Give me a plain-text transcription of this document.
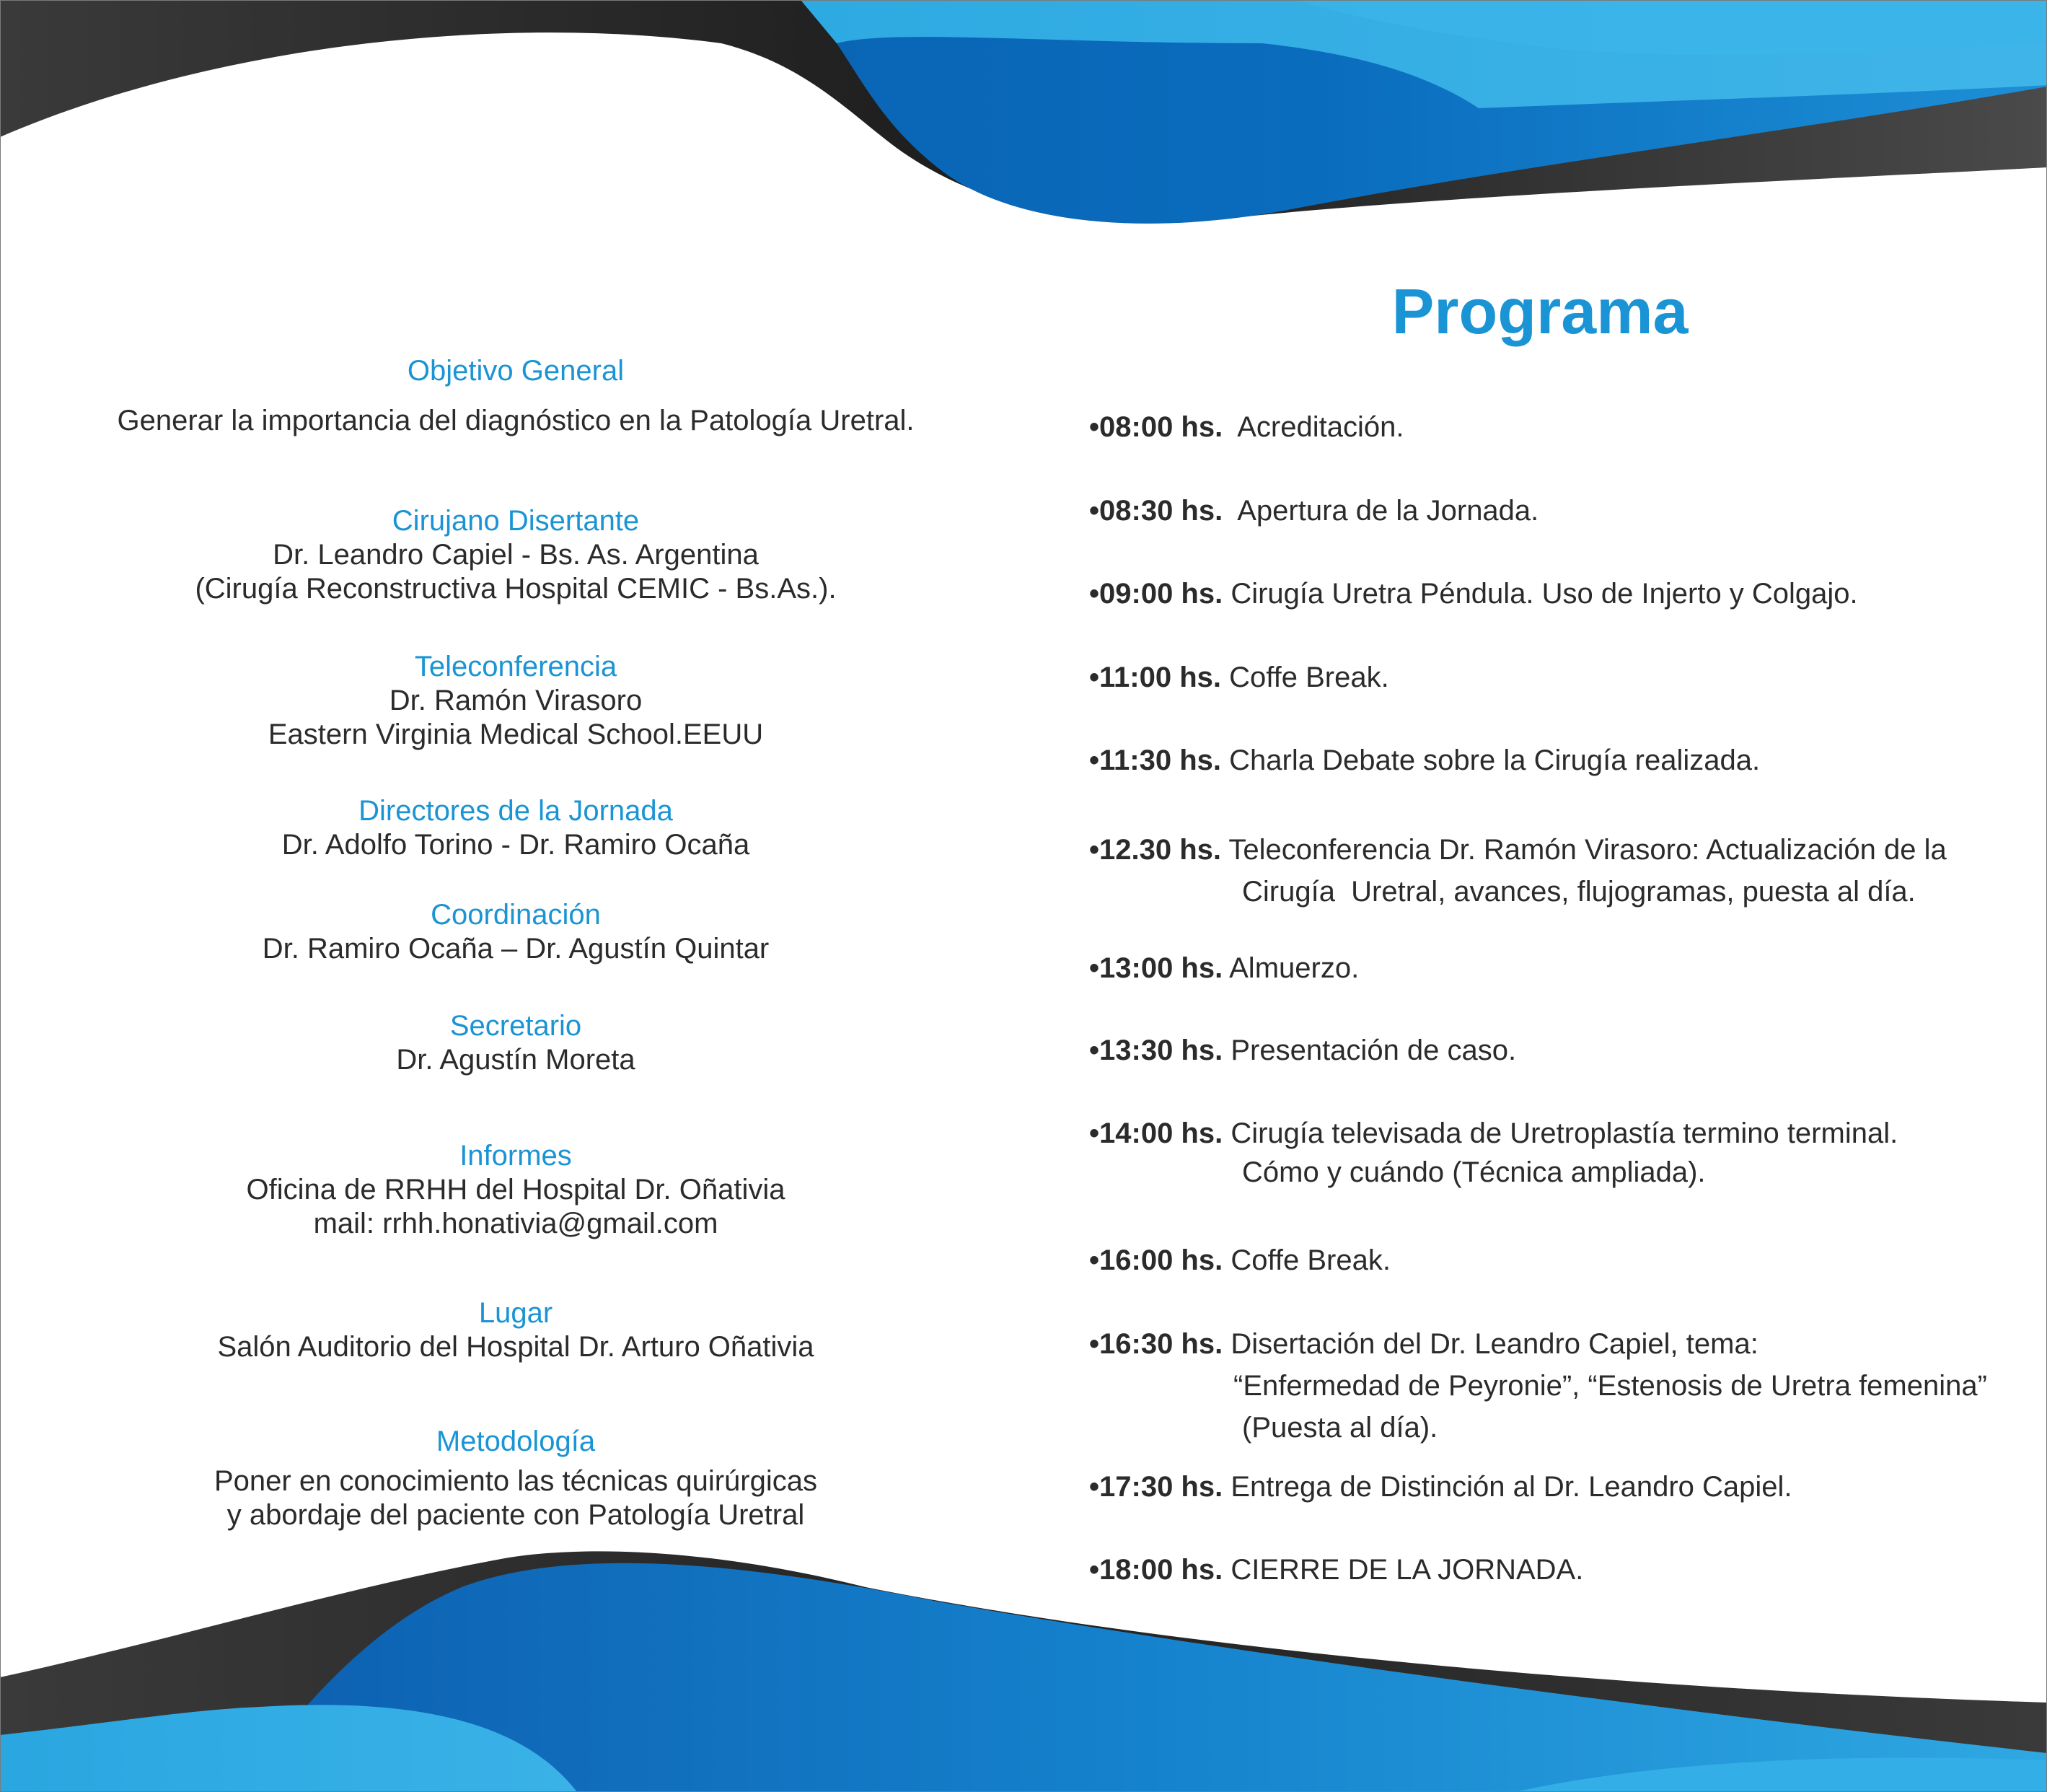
Objetivo General

Generar la importancia del diagnóstico en la Patología Uretral.

Cirujano Disertante

Dr. Leandro Capiel - Bs. As. Argentina

(Cirugía Reconstructiva Hospital CEMIC - Bs.As.).

Teleconferencia

Dr. Ramón Virasoro

Eastern Virginia Medical School.EEUU

Directores de la Jornada

Dr. Adolfo Torino - Dr. Ramiro Ocaña

Coordinación

Dr. Ramiro Ocaña – Dr. Agustín Quintar

Secretario

Dr. Agustín Moreta

Informes

Oficina de RRHH del Hospital Dr. Oñativia

mail: rrhh.honativia@gmail.com

Lugar

Salón Auditorio del Hospital Dr. Arturo Oñativia

Metodología

Poner en conocimiento las técnicas quirúrgicas

y abordaje del paciente con Patología Uretral

Programa
•08:00 hs.  Acreditación.
•08:30 hs.  Apertura de la Jornada.
•09:00 hs. Cirugía Uretra Péndula. Uso de Injerto y Colgajo.
•11:00 hs. Coffe Break.
•11:30 hs. Charla Debate sobre la Cirugía realizada.
•12.30 hs. Teleconferencia Dr. Ramón Virasoro: Actualización de la
Cirugía  Uretral, avances, flujogramas, puesta al día.
•13:00 hs. Almuerzo.
•13:30 hs. Presentación de caso.
•14:00 hs. Cirugía televisada de Uretroplastía termino terminal.
Cómo y cuándo (Técnica ampliada).
•16:00 hs. Coffe Break.
•16:30 hs. Disertación del Dr. Leandro Capiel, tema:
“Enfermedad de Peyronie”, “Estenosis de Uretra femenina”
(Puesta al día).
•17:30 hs. Entrega de Distinción al Dr. Leandro Capiel.
•18:00 hs. CIERRE DE LA JORNADA.
